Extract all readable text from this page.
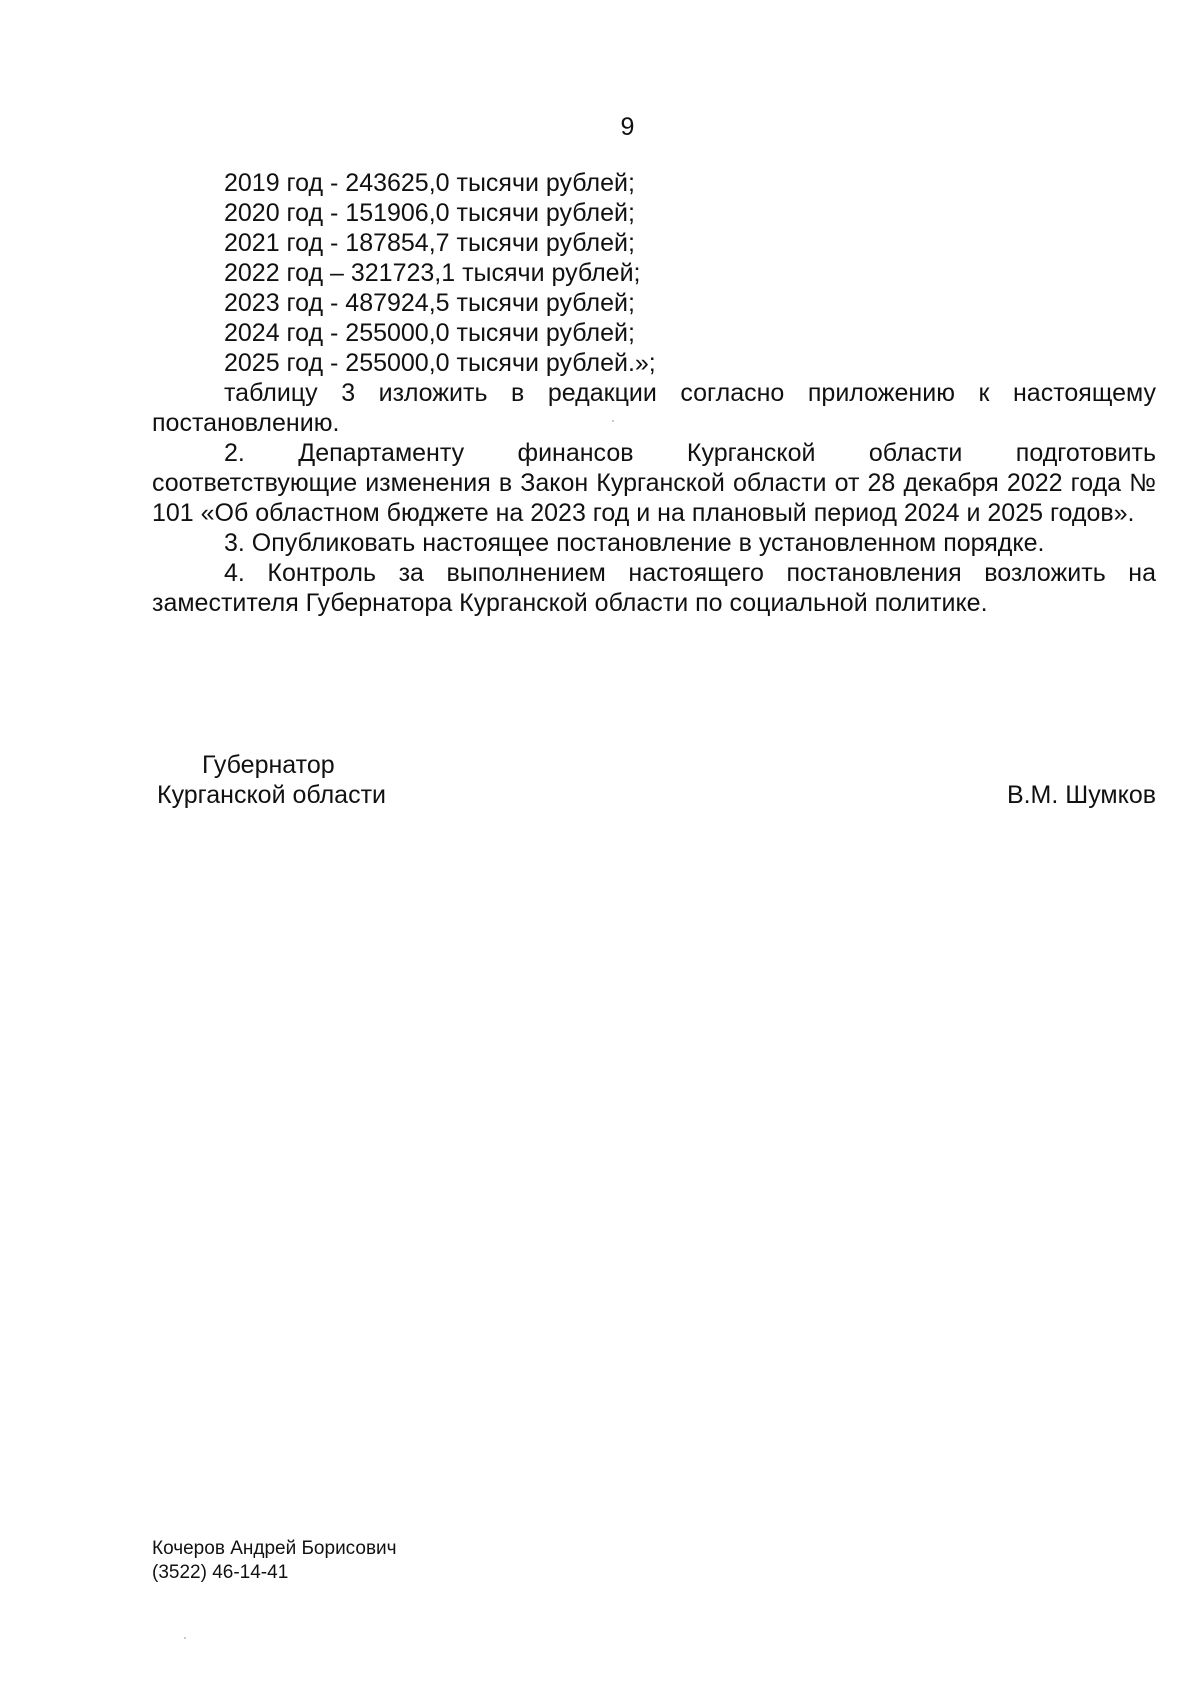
9
2019 год - 243625,0 тысячи рублей;
2020 год - 151906,0 тысячи рублей;
2021 год - 187854,7 тысячи рублей;
2022 год – 321723,1 тысячи рублей;
2023 год - 487924,5 тысячи рублей;
2024 год - 255000,0 тысячи рублей;
2025 год - 255000,0 тысячи рублей.»;
таблицу 3 изложить в редакции согласно приложению к настоящему
постановлению.
2. Департаменту финансов Курганской области подготовить
соответствующие изменения в Закон Курганской области от 28 декабря 2022 года № 101 «Об областном бюджете на 2023 год и на плановый период 2024 и 2025 годов».
3. Опубликовать настоящее постановление в установленном порядке.
4. Контроль за выполнением настоящего постановления возложить на заместителя Губернатора Курганской области по социальной политике.
Губернатор
Курганской области	В.М. Шумков
Кочеров Андрей Борисович
(3522) 46-14-41
